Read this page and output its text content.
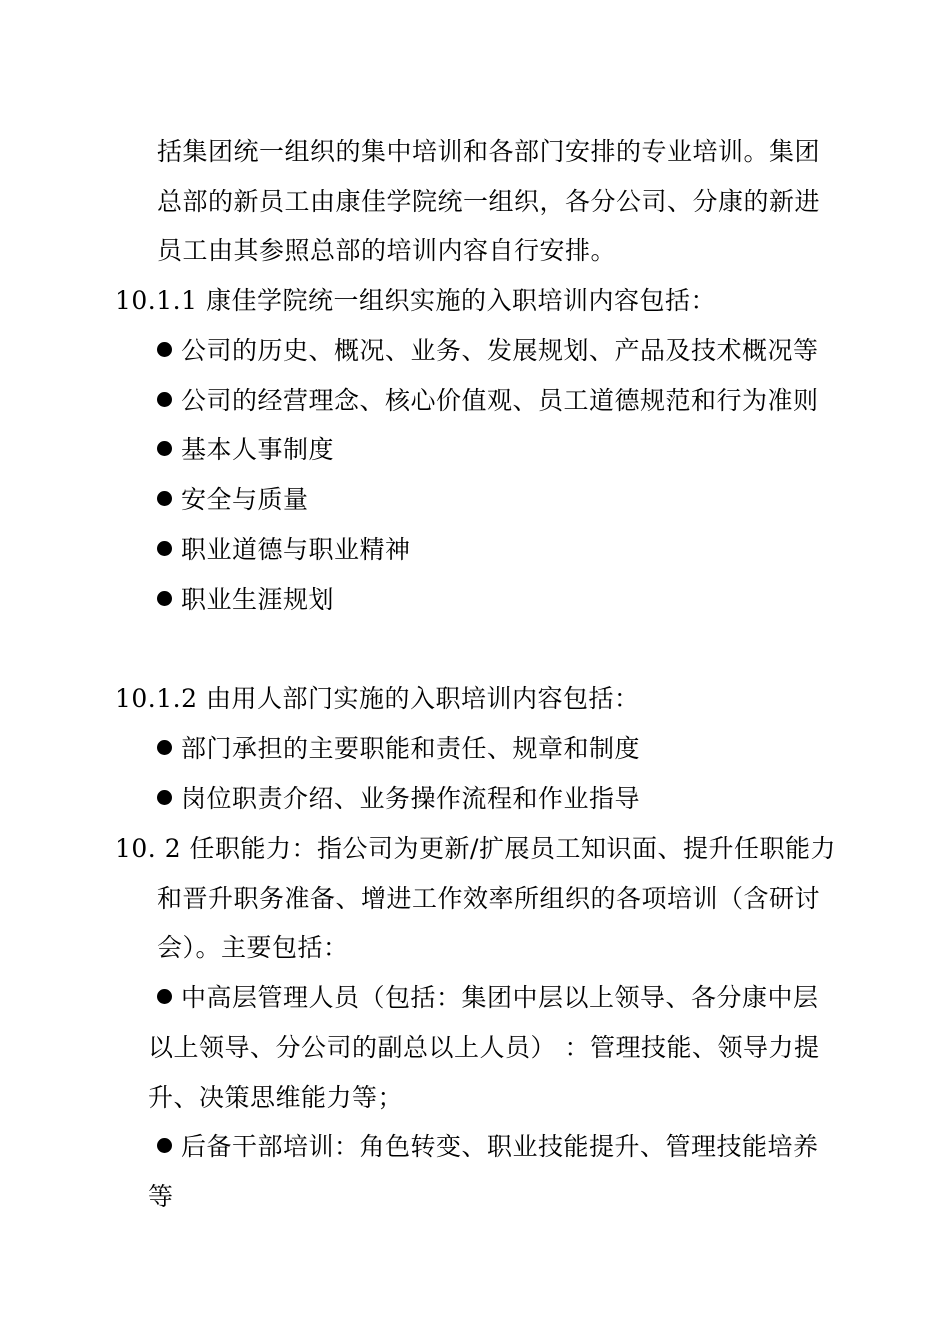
括集团统一组织的集中培训和各部门安排的专业培训。集团
总部的新员工由康佳学院统一组织，各分公司、分康的新进
员工由其参照总部的培训内容自行安排。
10.1.1 康佳学院统一组织实施的入职培训内容包括：
公司的历史、概况、业务、发展规划、产品及技术概况等
公司的经营理念、核心价值观、员工道德规范和行为准则
基本人事制度
安全与质量
职业道德与职业精神
职业生涯规划
10.1.2 由用人部门实施的入职培训内容包括：
部门承担的主要职能和责任、规章和制度
岗位职责介绍、业务操作流程和作业指导
10. 2 任职能力：指公司为更新/扩展员工知识面、提升任职能力
和晋升职务准备、增进工作效率所组织的各项培训（含研讨
会）。主要包括：
中高层管理人员（包括：集团中层以上领导、各分康中层
以上领导、分公司的副总以上人员） ：管理技能、领导力提
升、决策思维能力等；
后备干部培训：角色转变、职业技能提升、管理技能培养
等
